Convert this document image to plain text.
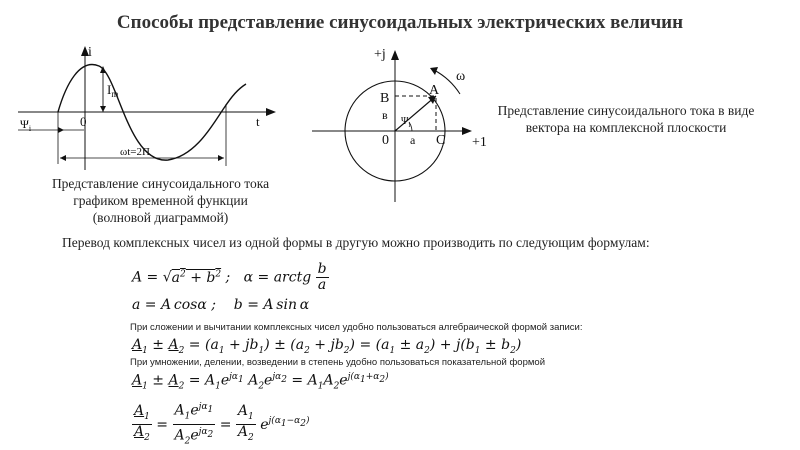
Способы представление синусоидальных электрических величин
i
t
0
$I_m$
$\Psi_i$
ωt=2Π
Представление синусоидального тока графиком временной функции (волновой диаграммой)
+j
+1
ω
A
B
C
в
a
0
$\Psi_i$
Представление синусоидального тока в виде вектора на комплексной плоскости
Перевод комплексных чисел из одной формы в другую можно производить по следующим формулам:
$A = √a^2 + b^2$ ;   α = arctg $\frac{b}{a}$
a = A cosα ;    b = A sin α
При сложении и вычитании комплексных чисел удобно пользоваться алгебраической формой записи:
$A_1 \pm A_2 = (a_1 + jb_1) \pm (a_2 + jb_2) = (a_1 \pm a_2) + j(b_1 \pm b_2)$
При умножении, делении, возведении в степень удобно пользоваться показательной формой
$A_1 \pm A_2 = A_1e^{j\alpha_1}$ $A_2e^{j\alpha_2} = A_1A_2e^{j(\alpha_1+\alpha_2)}$
$\frac{A_1}{A_2} = \frac{A_1e^{j\alpha_1}}{A_2e^{j\alpha_2}} = \frac{A_1}{A_2} e^{j(\alpha_1-\alpha_2)}$
